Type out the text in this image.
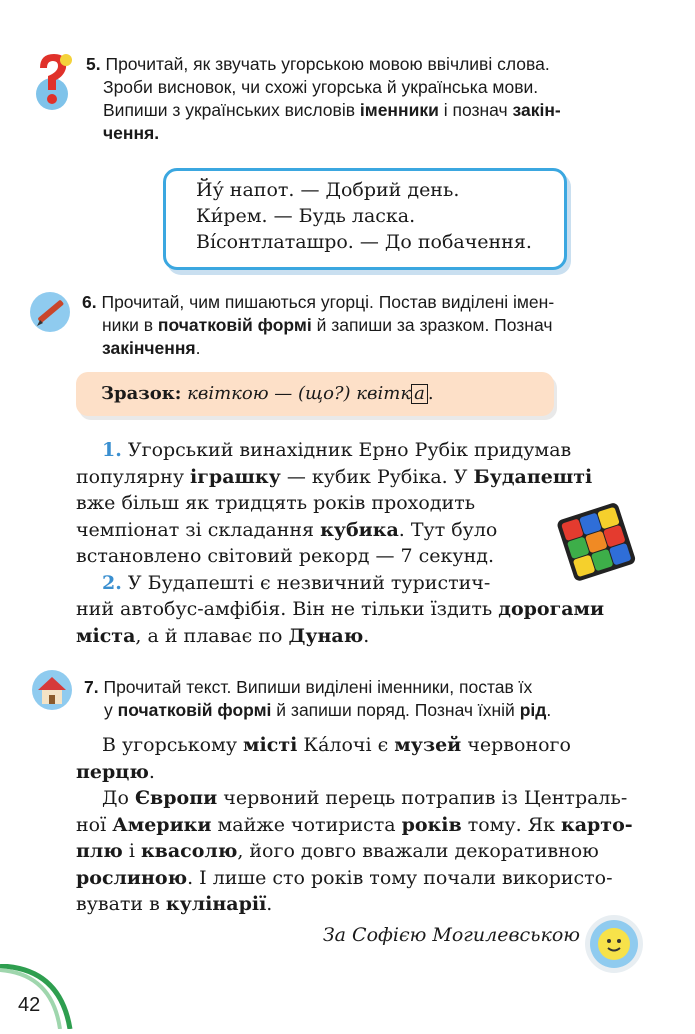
5. Прочитай, як звучать угорською мовою ввічливі слова.
Зроби висновок, чи схожі угорська й українська мови.
Випиши з українських висловів іменники і познач закін-
чення.
Йу́ напот. — Добрий день.
Ки́рем. — Будь ласка.
Ві́сонтлаташро. — До побачення.
6. Прочитай, чим пишаються угорці. Постав виділені імен-
ники в початковій формі й запиши за зразком. Познач
закінчення.
Зразок: квіткою — (що?) квітк а .
1. Угорський винахідник Ерно Рубік придумав
популярну іграшку — кубик Рубіка. У Будапешті
вже більш як тридцять років проходить
чемпіонат зі складання кубика. Тут було
встановлено світовий рекорд — 7 секунд.
2. У Будапешті є незвичний туристич-
ний автобус-амфібія. Він не тільки їздить дорогами
міста, а й плаває по Дунаю.
7. Прочитай текст. Випиши виділені іменники, постав їх
у початковій формі й запиши поряд. Познач їхній рід.
В угорському місті Ка́лочі є музей червоного
перцю.
До Європи червоний перець потрапив із Централь-
ної Америки майже чотириста років тому. Як карто-
плю і квасолю, його довго вважали декоративною
рослиною. І лише сто років тому почали використо-
вувати в кулінарії.
За Софією Могилевською
42
